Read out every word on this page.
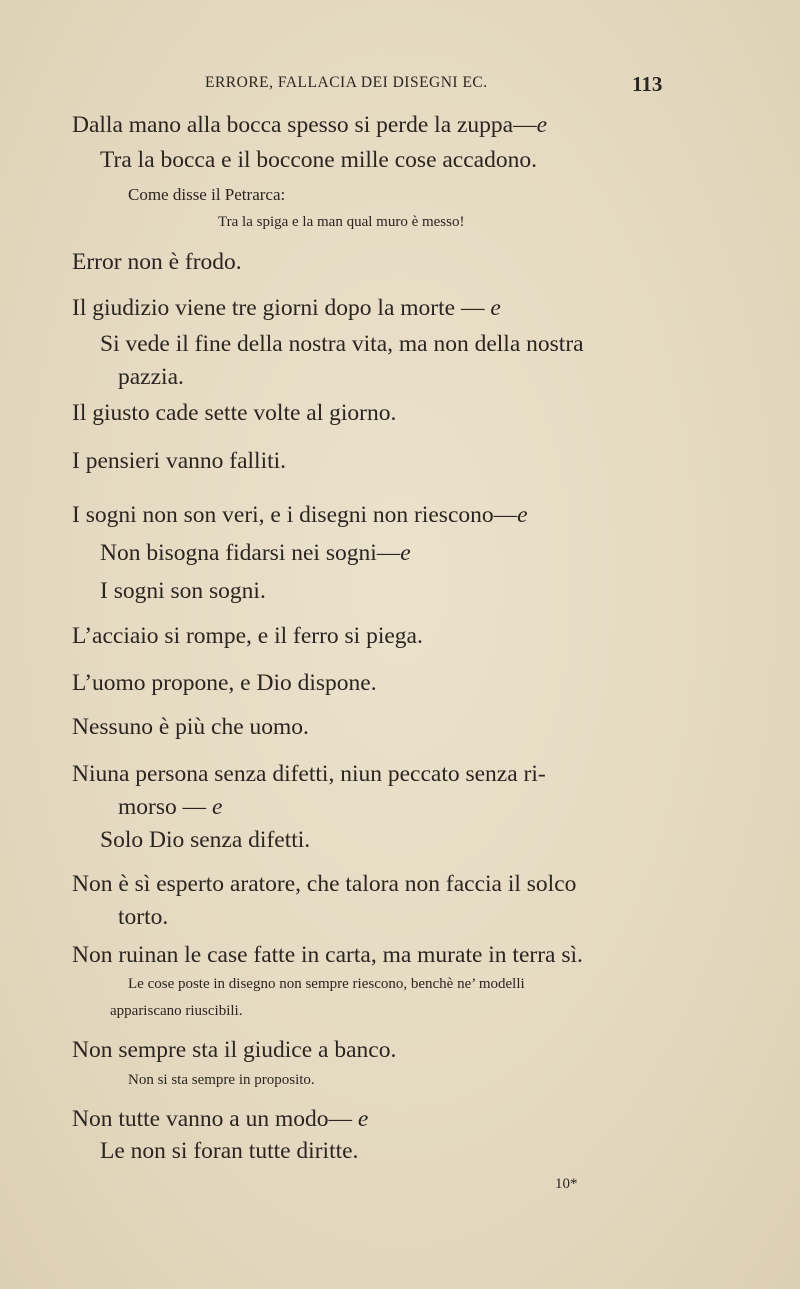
ERRORE, FALLACIA DEI DISEGNI EC.	113
Dalla mano alla bocca spesso si perde la zuppa—e
Tra la bocca e il boccone mille cose accadono.
Come disse il Petrarca:
Tra la spiga e la man qual muro è messo!
Error non è frodo.
Il giudizio viene tre giorni dopo la morte — e
Si vede il fine della nostra vita, ma non della nostra
pazzia.
Il giusto cade sette volte al giorno.
I pensieri vanno falliti.
I sogni non son veri, e i disegni non riescono—e
Non bisogna fidarsi nei sogni—e
I sogni son sogni.
L’acciaio si rompe, e il ferro si piega.
L’uomo propone, e Dio dispone.
Nessuno è più che uomo.
Niuna persona senza difetti, niun peccato senza ri-
morso — e
Solo Dio senza difetti.
Non è sì esperto aratore, che talora non faccia il solco
torto.
Non ruinan le case fatte in carta, ma murate in terra sì.
Le cose poste in disegno non sempre riescono, benchè ne’ modelli
appariscano riuscibili.
Non sempre sta il giudice a banco.
Non si sta sempre in proposito.
Non tutte vanno a un modo— e
Le non si foran tutte diritte.
10*
